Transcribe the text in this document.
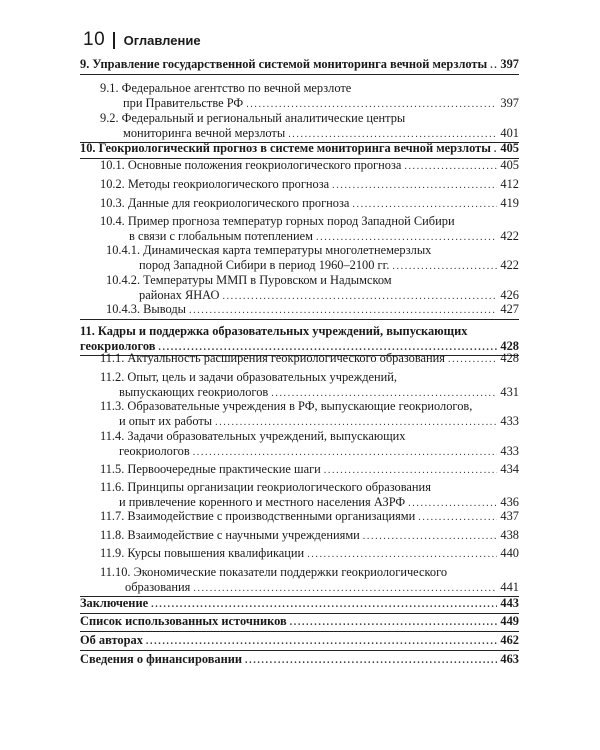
10 Оглавление
9. Управление государственной системой мониторинга вечной мерзлоты ..... 397
9.1. Федеральное агентство по вечной мерзлоте
при Правительстве РФ .....	397
9.2. Федеральный и региональный аналитические центры
мониторинга вечной мерзлоты .....	401
10. Геокриологический прогноз в системе мониторинга вечной мерзлоты ..... 405
10.1. Основные положения геокриологического прогноза .....	405
10.2. Методы геокриологического прогноза .....	412
10.3. Данные для геокриологического прогноза .....	419
10.4. Пример прогноза температур горных пород Западной Сибири
в связи с глобальным потеплением .....	422
10.4.1. Динамическая карта температуры многолетнемерзлых
пород Западной Сибири в период 1960–2100 гг. .....	422
10.4.2. Температуры ММП в Пуровском и Надымском
районах ЯНАО .....	426
10.4.3. Выводы .....	427
11. Кадры и поддержка образовательных учреждений, выпускающих
геокриологов .....	428
11.1. Актуальность расширения геокриологического образования .....	428
11.2. Опыт, цель и задачи образовательных учреждений,
выпускающих геокриологов .....	431
11.3. Образовательные учреждения в РФ, выпускающие геокриологов,
и опыт их работы .....	433
11.4. Задачи образовательных учреждений, выпускающих
геокриологов .....	433
11.5. Первоочередные практические шаги .....	434
11.6. Принципы организации геокриологического образования
и привлечение коренного и местного населения АЗРФ .....	436
11.7. Взаимодействие с производственными организациями .....	437
11.8. Взаимодействие с научными учреждениями .....	438
11.9. Курсы повышения квалификации .....	440
11.10. Экономические показатели поддержки геокриологического
образования .....	441
Заключение .....	443
Список использованных источников .....	449
Об авторах .....	462
Сведения о финансировании .....	463
